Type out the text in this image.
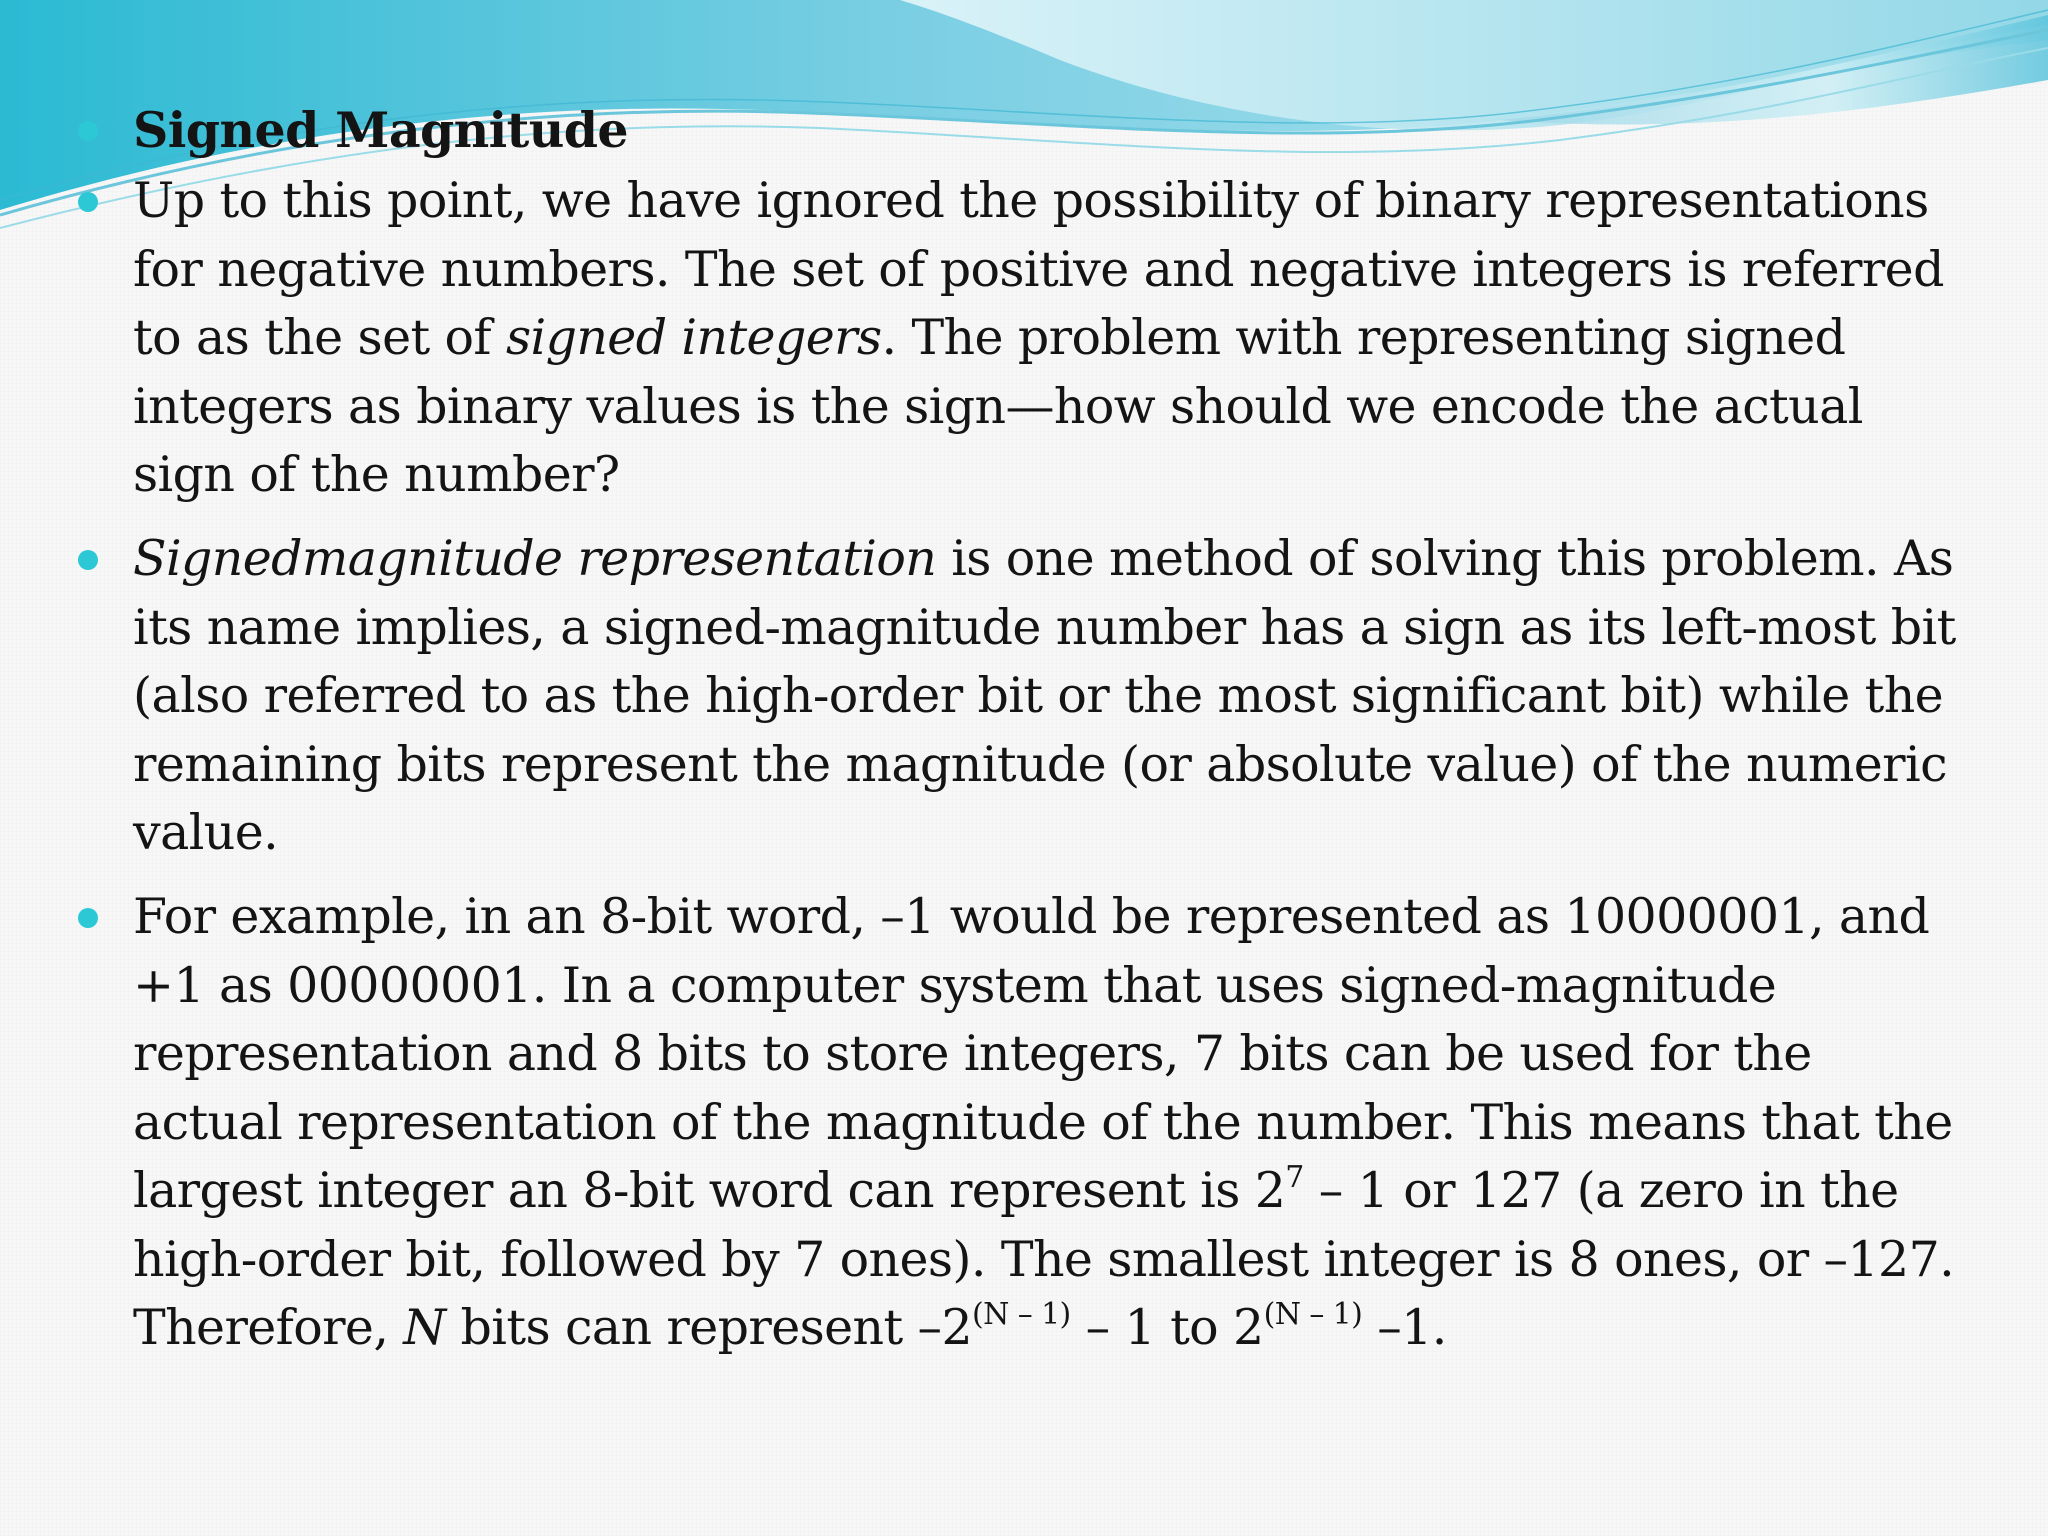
Signed Magnitude
Up to this point, we have ignored the possibility of binary representations for negative numbers. The set of positive and negative integers is referred to as the set of signed integers. The problem with representing signed integers as binary values is the sign—how should we encode the actual sign of the number?
Signedmagnitude representation is one method of solving this problem. As its name implies, a signed-magnitude number has a sign as its left-most bit (also referred to as the high-order bit or the most significant bit) while the remaining bits represent the magnitude (or absolute value) of the numeric value.
For example, in an 8-bit word, –1 would be represented as 10000001, and +1 as 00000001. In a computer system that uses signed-magnitude representation and 8 bits to store integers, 7 bits can be used for the actual representation of the magnitude of the number. This means that the largest integer an 8-bit word can represent is $2^7 - 1$ or 127 (a zero in the high-order bit, followed by 7 ones). The smallest integer is 8 ones, or –127. Therefore, N bits can represent $-2^{(N - 1)} - 1$ to $2^{(N - 1)}$ –1.
